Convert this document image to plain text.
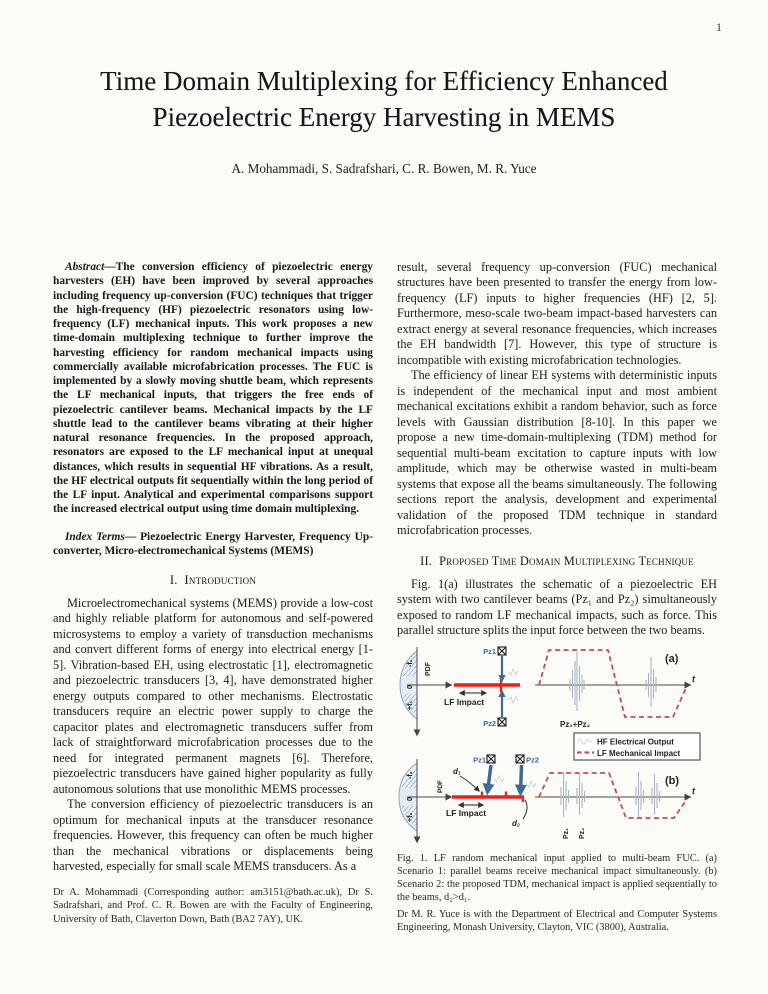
1
Time Domain Multiplexing for Efficiency Enhanced Piezoelectric Energy Harvesting in MEMS
A. Mohammadi, S. Sadrafshari, C. R. Bowen, M. R. Yuce

Abstract—The conversion efficiency of piezoelectric energy harvesters (EH) have been improved by several approaches including frequency up-conversion (FUC) techniques that trigger the high-frequency (HF) piezoelectric resonators using low-frequency (LF) mechanical inputs. This work proposes a new time-domain multiplexing technique to further improve the harvesting efficiency for random mechanical impacts using commercially available microfabrication processes. The FUC is implemented by a slowly moving shuttle beam, which represents the LF mechanical inputs, that triggers the free ends of piezoelectric cantilever beams. Mechanical impacts by the LF shuttle lead to the cantilever beams vibrating at their higher natural resonance frequencies. In the proposed approach, resonators are exposed to the LF mechanical input at unequal distances, which results in sequential HF vibrations. As a result, the HF electrical outputs fit sequentially within the long period of the LF input. Analytical and experimental comparisons support the increased electrical output using time domain multiplexing.

Index Terms— Piezoelectric Energy Harvester, Frequency Up-converter, Micro-electromechanical Systems (MEMS)

I. Introduction

Microelectromechanical systems (MEMS) provide a low-cost and highly reliable platform for autonomous and self-powered microsystems to employ a variety of transduction mechanisms and convert different forms of energy into electrical energy [1-5]. Vibration-based EH, using electrostatic [1], electromagnetic and piezoelectric transducers [3, 4], have demonstrated higher energy outputs compared to other mechanisms. Electrostatic transducers require an electric power supply to charge the capacitor plates and electromagnetic transducers suffer from lack of straightforward microfabrication processes due to the need for integrated permanent magnets [6]. Therefore, piezoelectric transducers have gained higher popularity as fully autonomous solutions that use monolithic MEMS processes.

The conversion efficiency of piezoelectric transducers is an optimum for mechanical inputs at the transducer resonance frequencies. However, this frequency can often be much higher than the mechanical vibrations or displacements being harvested, especially for small scale MEMS transducers. As a

Dr A. Mohammadi (Corresponding author: am3151@bath.ac.uk), Dr S. Sadrafshari, and Prof. C. R. Bowen are with the Faculty of Engineering, University of Bath, Claverton Down, Bath (BA2 7AY), UK.

result, several frequency up-conversion (FUC) mechanical structures have been presented to transfer the energy from low-frequency (LF) inputs to higher frequencies (HF) [2, 5]. Furthermore, meso-scale two-beam impact-based harvesters can extract energy at several resonance frequencies, which increases the EH bandwidth [7]. However, this type of structure is incompatible with existing microfabrication technologies.

The efficiency of linear EH systems with deterministic inputs is independent of the mechanical input and most ambient mechanical excitations exhibit a random behavior, such as force levels with Gaussian distribution [8-10]. In this paper we propose a new time-domain-multiplexing (TDM) method for sequential multi-beam excitation to capture inputs with low amplitude, which may be otherwise wasted in multi-beam systems that expose all the beams simultaneously. The following sections report the analysis, development and experimental validation of the proposed TDM technique in standard microfabrication processes.

II. Proposed Time Domain Multiplexing Technique

Fig. 1(a) illustrates the schematic of a piezoelectric EH system with two cantilever beams (Pz₁ and Pz₂) simultaneously exposed to random LF mechanical impacts, such as force. This parallel structure splits the input force between the two beams.

-f₁
0
+f₁
PDF
LF Impact
Pz1
Pz2
t
Pz₁+Pz₂
(a)
HF Electrical Output
LF Mechanical Impact
-f₂
0
+f₂
PDF
LF Impact
Pz1	Pz2
d₁
d₂
t
Pz₁ Pz₂
(b)

Fig. 1. LF random mechanical input applied to multi-beam FUC. (a) Scenario 1: parallel beams receive mechanical impact simultaneously. (b) Scenario 2: the proposed TDM, mechanical impact is applied sequentially to the beams, d₂>d₁.

Dr M. R. Yuce is with the Department of Electrical and Computer Systems Engineering, Monash University, Clayton, VIC (3800), Australia.
